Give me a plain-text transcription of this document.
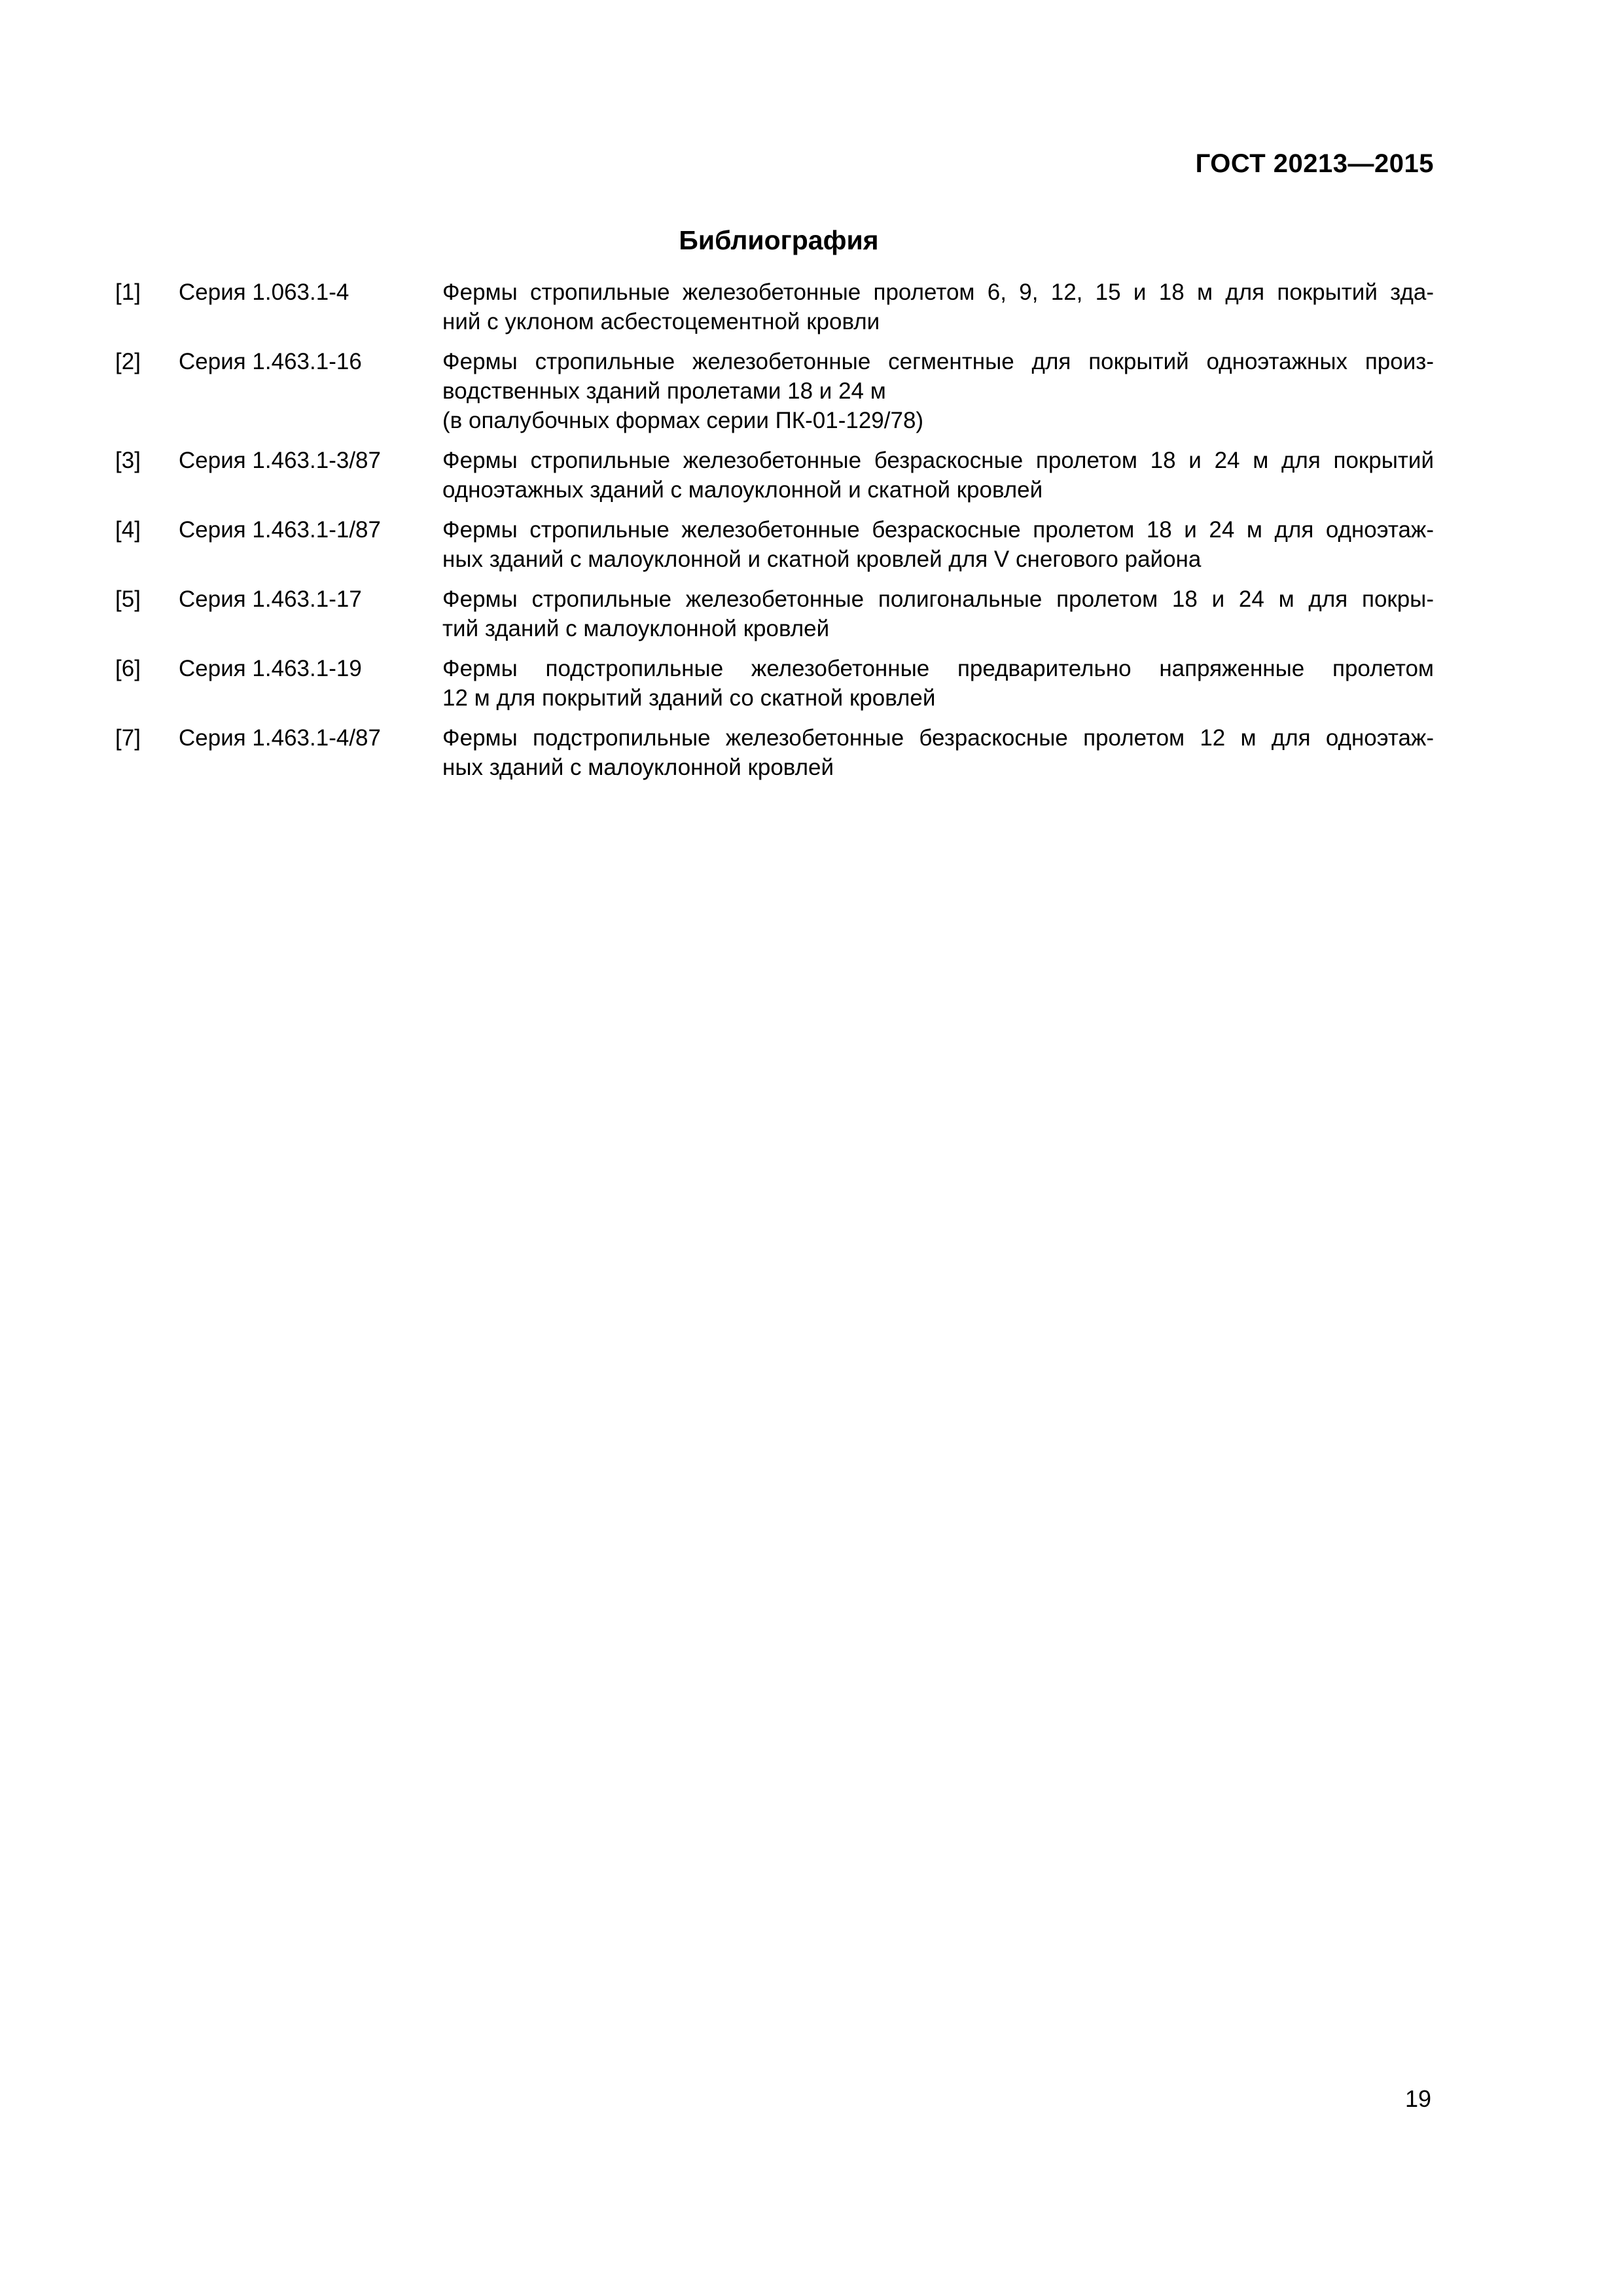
ГОСТ 20213—2015
Библиография
[1]	Серия 1.063.1-4	Фермы стропильные железобетонные пролетом 6, 9, 12, 15 и 18 м для покрытий зда-
ний с уклоном асбестоцементной кровли
[2]	Серия 1.463.1-16	Фермы стропильные железобетонные сегментные для покрытий одноэтажных произ-
водственных зданий пролетами 18 и 24 м
(в опалубочных формах серии ПК-01-129/78)
[3]	Серия 1.463.1-3/87	Фермы стропильные железобетонные безраскосные пролетом 18 и 24 м для покрытий
одноэтажных зданий с малоуклонной и скатной кровлей
[4]	Серия 1.463.1-1/87	Фермы стропильные железобетонные безраскосные пролетом 18 и 24 м для одноэтаж-
ных зданий с малоуклонной и скатной кровлей для V снегового района
[5]	Серия 1.463.1-17	Фермы стропильные железобетонные полигональные пролетом 18 и 24 м для покры-
тий зданий с малоуклонной кровлей
[6]	Серия 1.463.1-19	Фермы подстропильные железобетонные предварительно напряженные пролетом
12 м для покрытий зданий со скатной кровлей
[7]	Серия 1.463.1-4/87	Фермы подстропильные железобетонные безраскосные пролетом 12 м для одноэтаж-
ных зданий с малоуклонной кровлей
19
